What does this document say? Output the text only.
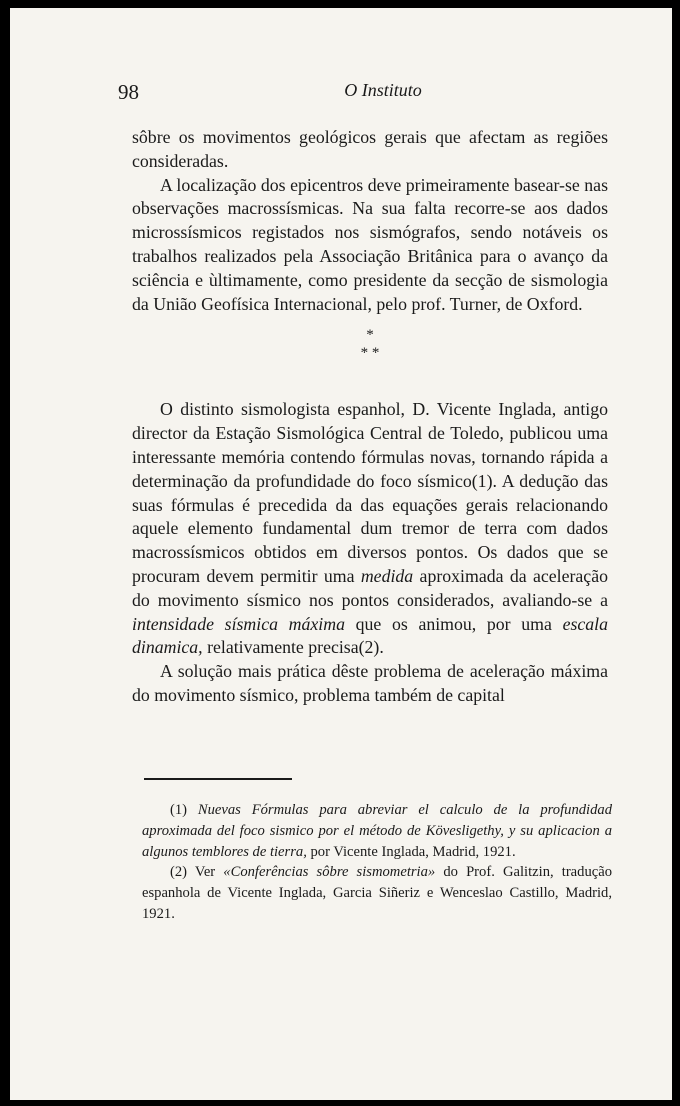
98	O Instituto

sôbre os movimentos geológicos gerais que afectam as regiões consideradas.

A localização dos epicentros deve primeiramente basear-se nas observações macrossísmicas. Na sua falta recorre-se aos dados microssísmicos registados nos sismógrafos, sendo notáveis os trabalhos realizados pela Associação Britânica para o avanço da sciência e ùltimamente, como presidente da secção de sismologia da União Geofísica Internacional, pelo prof. Turner, de Oxford.

*
* *

O distinto sismologista espanhol, D. Vicente Inglada, antigo director da Estação Sismológica Central de Toledo, publicou uma interessante memória contendo fórmulas novas, tornando rápida a determinação da profundidade do foco sísmico(1). A dedução das suas fórmulas é precedida da das equações gerais relacionando aquele elemento fundamental dum tremor de terra com dados macrossísmicos obtidos em diversos pontos. Os dados que se procuram devem permitir uma medida aproximada da aceleração do movimento sísmico nos pontos considerados, avaliando-se a intensidade sísmica máxima que os animou, por uma escala dinamica, relativamente precisa(2).

A solução mais prática dêste problema de aceleração máxima do movimento sísmico, problema também de capital

(1) Nuevas Fórmulas para abreviar el calculo de la profundidad aproximada del foco sismico por el método de Kövesligethy, y su aplicacion a algunos temblores de tierra, por Vicente Inglada, Madrid, 1921.

(2) Ver «Conferências sôbre sismometria» do Prof. Galitzin, tradução espanhola de Vicente Inglada, Garcia Siñeriz e Wenceslao Castillo, Madrid, 1921.
